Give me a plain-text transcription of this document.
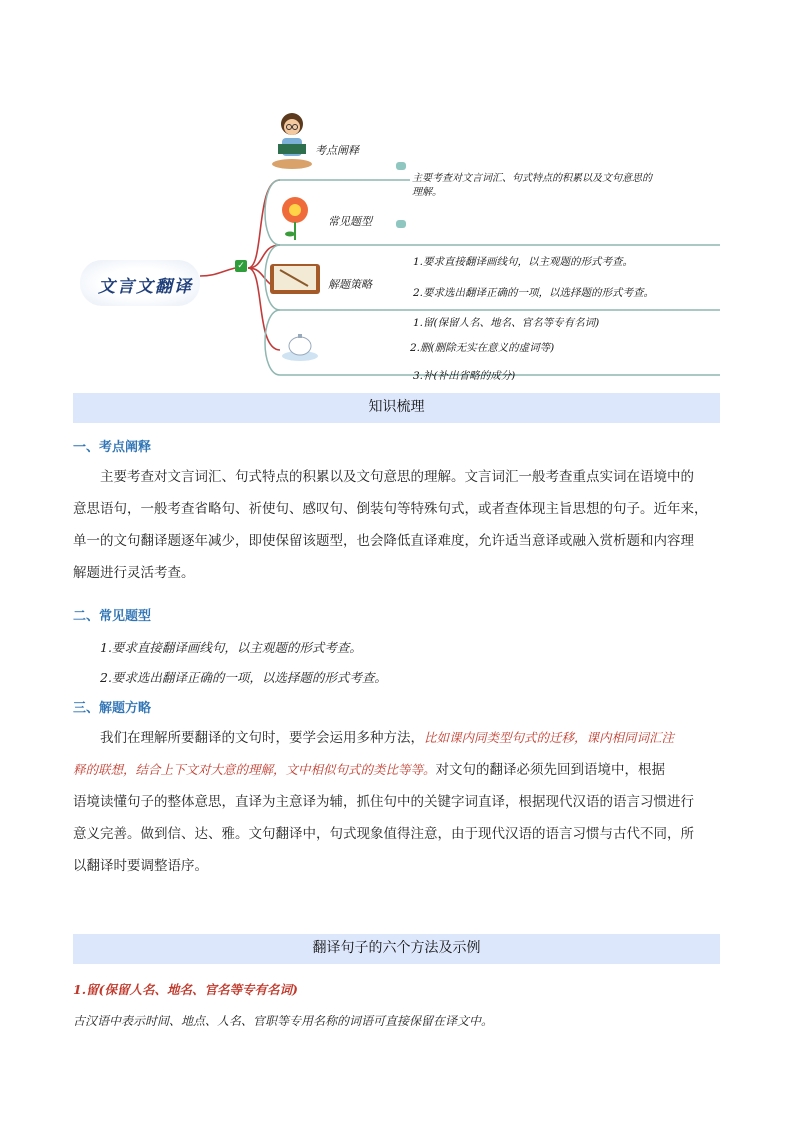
文言文翻译
✓
考点阐释
主要考查对文言词汇、句式特点的积累以及文句意思的理解。
常见题型
解题策略
1.要求直接翻译画线句，以主观题的形式考查。
2.要求选出翻译正确的一项，以选择题的形式考查。
1.留(保留人名、地名、官名等专有名词)
2.删(删除无实在意义的虚词等)
3.补(补出省略的成分)
知识梳理
一、考点阐释
主要考查对文言词汇、句式特点的积累以及文句意思的理解。文言词汇一般考查重点实词在语境中的
意思语句，一般考查省略句、祈使句、感叹句、倒装句等特殊句式，或者查体现主旨思想的句子。近年来，
单一的文句翻译题逐年减少，即使保留该题型，也会降低直译难度，允许适当意译或融入赏析题和内容理
解题进行灵活考查。
二、常见题型
1.要求直接翻译画线句，以主观题的形式考查。
2.要求选出翻译正确的一项，以选择题的形式考查。
三、解题方略
我们在理解所要翻译的文句时，要学会运用多种方法，比如课内同类型句式的迁移，课内相同词汇注
释的联想，结合上下文对大意的理解，文中相似句式的类比等等。对文句的翻译必须先回到语境中，根据
语境读懂句子的整体意思，直译为主意译为辅，抓住句中的关键字词直译，根据现代汉语的语言习惯进行
意义完善。做到信、达、雅。文句翻译中，句式现象值得注意，由于现代汉语的语言习惯与古代不同，所
以翻译时要调整语序。
翻译句子的六个方法及示例
1.留(保留人名、地名、官名等专有名词)
古汉语中表示时间、地点、人名、官职等专用名称的词语可直接保留在译文中。
